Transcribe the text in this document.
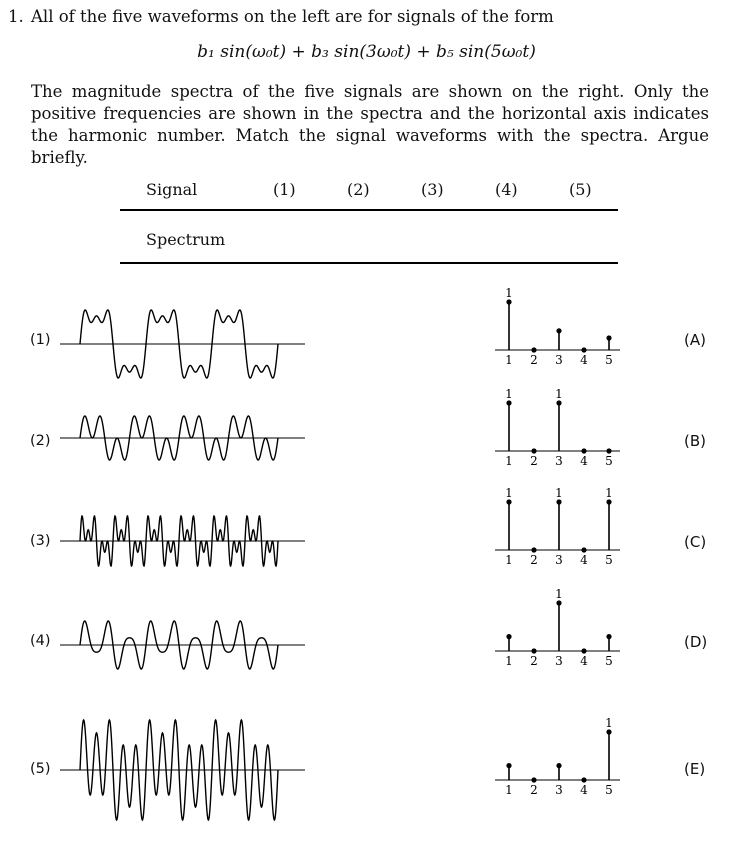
1. All of the five waveforms on the left are for signals of the form
b₁ sin(ω₀t) + b₃ sin(3ω₀t) + b₅ sin(5ω₀t)
The magnitude spectra of the five signals are shown on the right. Only the positive frequencies are shown in the spectra and the horizontal axis indicates the harmonic number. Match the signal waveforms with the spectra. Argue briefly.
Signal	(1)	(2)	(3)	(4)	(5)
Spectrum
(1)
(2)
(3)
(4)
(5)
(A)
(B)
(C)
(D)
(E)
1 2 3 4 5
1
1 2 3 4 5
1	1
1 2 3 4 5
1	1	1
1 2 3 4 5
1
1 2 3 4 5
1
